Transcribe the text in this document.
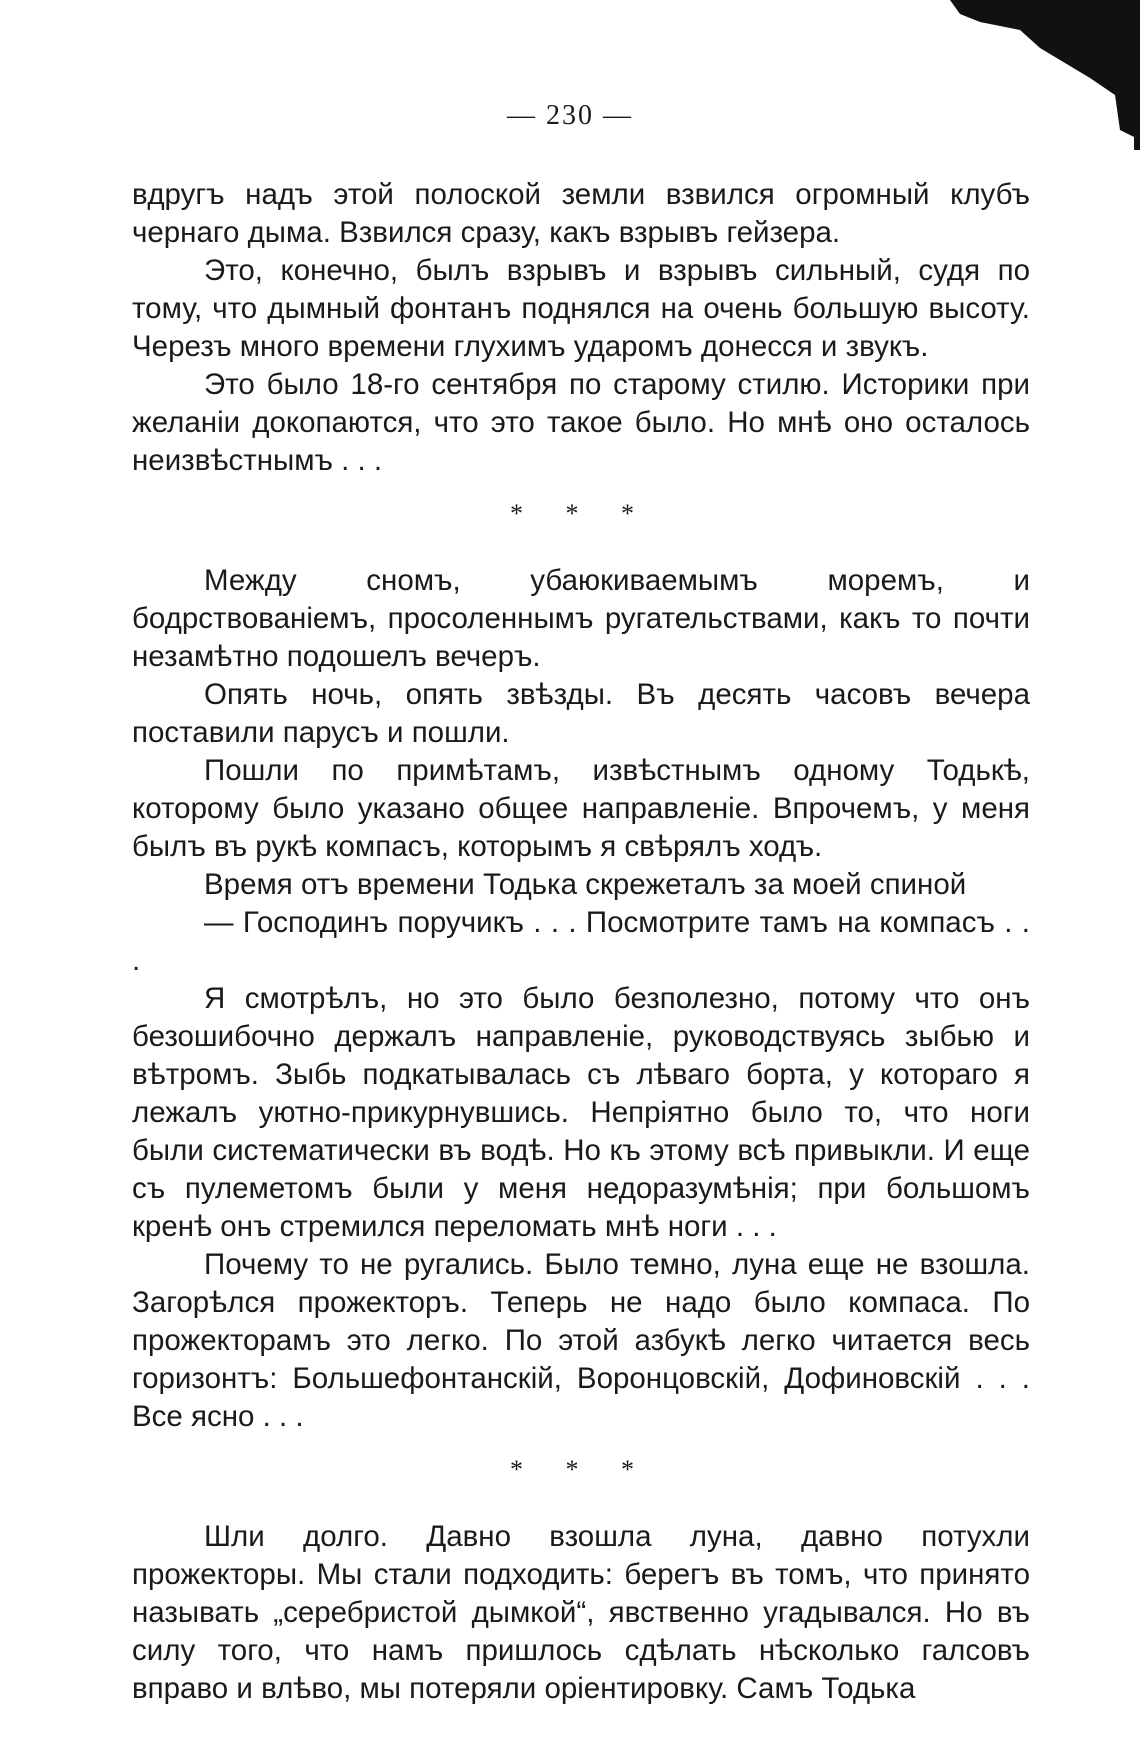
— 230 —

вдругъ надъ этой полоской земли взвился огромный клубъ чернаго дыма. Взвился сразу, какъ взрывъ гейзера.

Это, конечно, былъ взрывъ и взрывъ сильный, судя по тому, что дымный фонтанъ поднялся на очень большую высоту. Черезъ много времени глухимъ ударомъ донесся и звукъ.

Это было 18-го сентября по старому стилю. Историки при желанiи докопаются, что это такое было. Но мнѣ оно осталось неизвѣстнымъ . . .

* * *

Между сномъ, убаюкиваемымъ моремъ, и бодрствованiемъ, просоленнымъ ругательствами, какъ то почти незамѣтно подошелъ вечеръ.

Опять ночь, опять звѣзды. Въ десять часовъ вечера поставили парусъ и пошли.

Пошли по примѣтамъ, извѣстнымъ одному Тодькѣ, которому было указано общее направленiе. Впрочемъ, у меня былъ въ рукѣ компасъ, которымъ я свѣрялъ ходъ.

Время отъ времени Тодька скрежеталъ за моей спиной

— Господинъ поручикъ . . . Посмотрите тамъ на компасъ . . .

Я смотрѣлъ, но это было безполезно, потому что онъ безошибочно держалъ направленiе, руководствуясь зыбью и вѣтромъ. Зыбь подкатывалась съ лѣваго борта, у котораго я лежалъ уютно-прикурнувшись. Непрiятно было то, что ноги были систематически въ водѣ. Но къ этому всѣ привыкли. И еще съ пулеметомъ были у меня недоразумѣнiя; при большомъ кренѣ онъ стремился переломать мнѣ ноги . . .

Почему то не ругались. Было темно, луна еще не взошла. Загорѣлся прожекторъ. Теперь не надо было компаса. По прожекторамъ это легко. По этой азбукѣ легко читается весь горизонтъ: Большефонтанскiй, Воронцовскiй, Дофиновскiй . . . Все ясно . . .

* * *

Шли долго. Давно взошла луна, давно потухли прожекторы. Мы стали подходить: берегъ въ томъ, что принято называть „серебристой дымкой“, явственно угадывался. Но въ силу того, что намъ пришлось сдѣлать нѣсколько галсовъ вправо и влѣво, мы потеряли орiентировку. Самъ Тодька
